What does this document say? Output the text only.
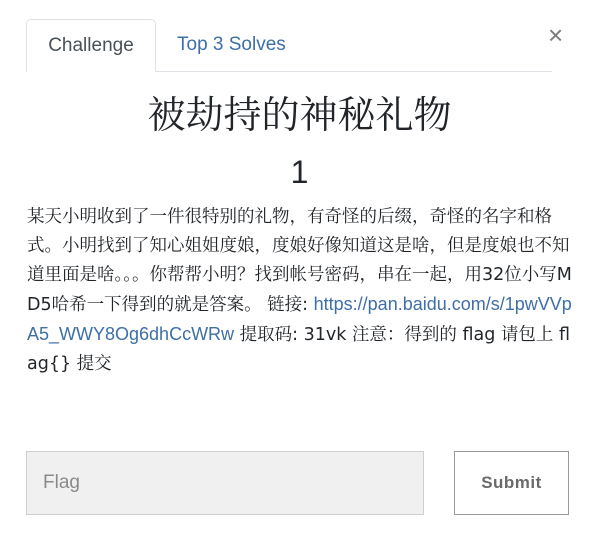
Challenge	Top 3 Solves	×
被劫持的神秘礼物
1
某天小明收到了一件很特别的礼物，有奇怪的后缀，奇怪的名字和格式。小明找到了知心姐姐度娘，度娘好像知道这是啥，但是度娘也不知道里面是啥。。。你帮帮小明？找到帐号密码，串在一起，用32位小写MD5哈希一下得到的就是答案。 链接: https://pan.baidu.com/s/1pwVVpA5_WWY8Og6dhCcWRw 提取码: 31vk 注意：得到的 flag 请包上 flag{} 提交
Flag
Submit
